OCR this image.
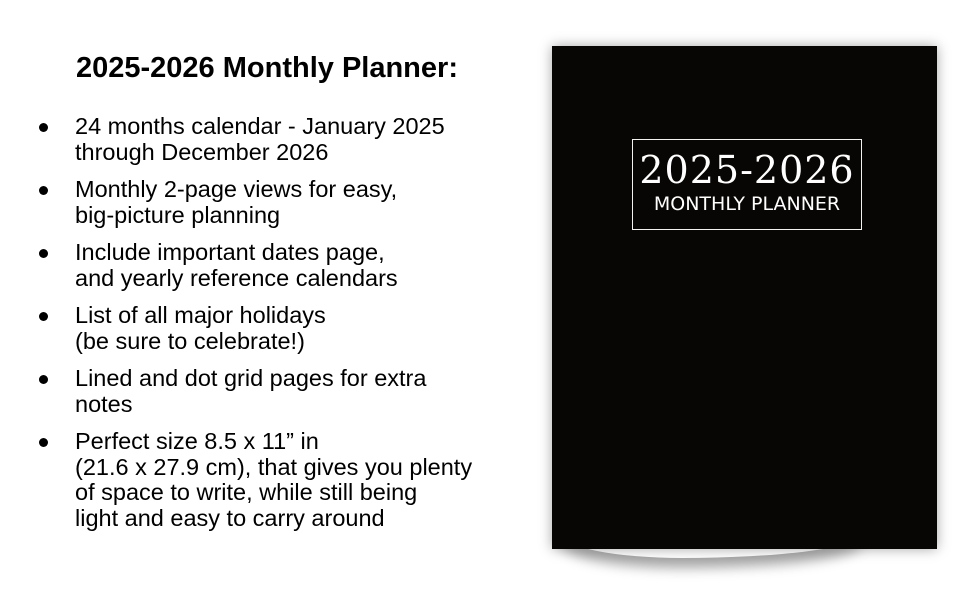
2025-2026 Monthly Planner:
24 months calendar - January 2025
through December 2026
Monthly 2-page views for easy,
big-picture planning
Include important dates page,
and yearly reference calendars
List of all major holidays
(be sure to celebrate!)
Lined and dot grid pages for extra
notes
Perfect size 8.5 x 11” in
(21.6 x 27.9 cm), that gives you plenty
of space to write, while still being
light and easy to carry around
2025-2026
MONTHLY PLANNER
